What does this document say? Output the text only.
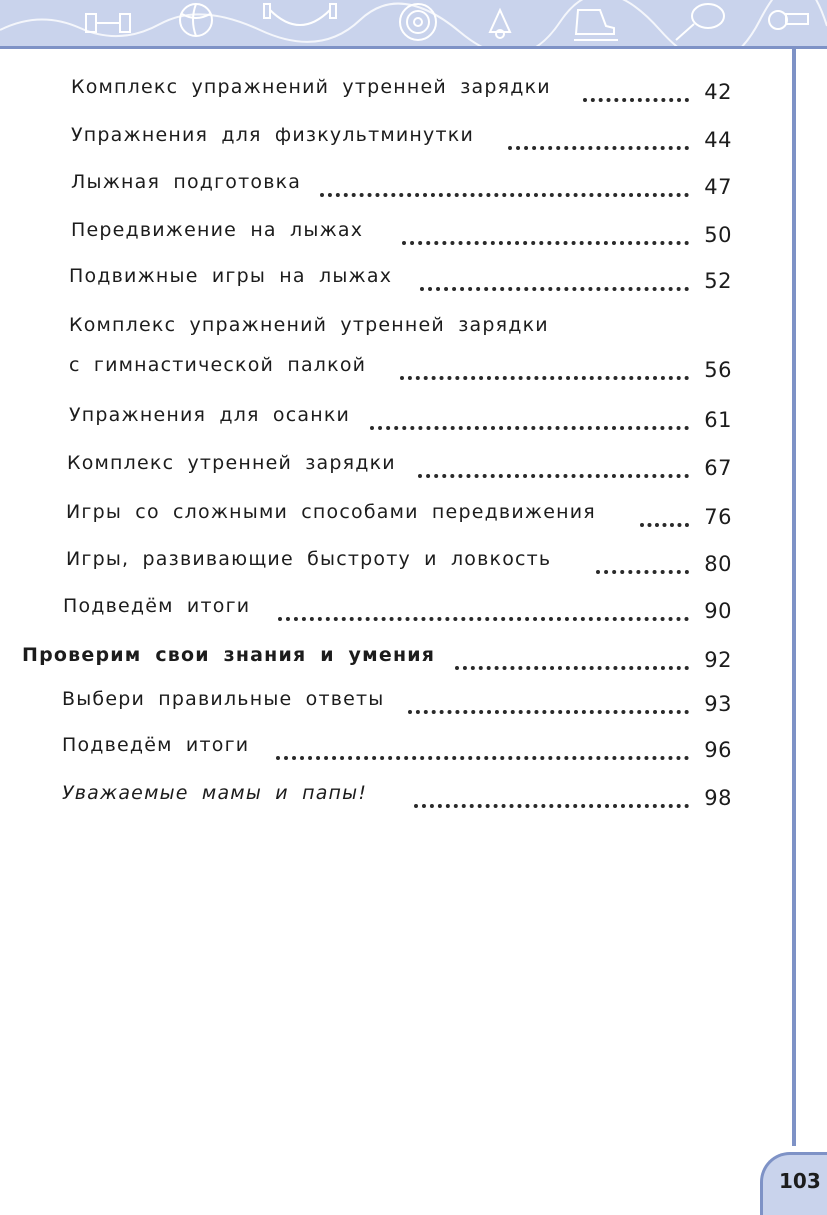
Комплекс упражнений утренней зарядки	42
Упражнения для физкультминутки	44
Лыжная подготовка	47
Передвижение на лыжах	50
Подвижные игры на лыжах	52
Комплекс упражнений утренней зарядки
с гимнастической палкой	56
Упражнения для осанки	61
Комплекс утренней зарядки	67
Игры со сложными способами передвижения	76
Игры, развивающие быстроту и ловкость	80
Подведём итоги	90
Проверим свои знания и умения	92
Выбери правильные ответы	93
Подведём итоги	96
Уважаемые мамы и папы!	98
103
